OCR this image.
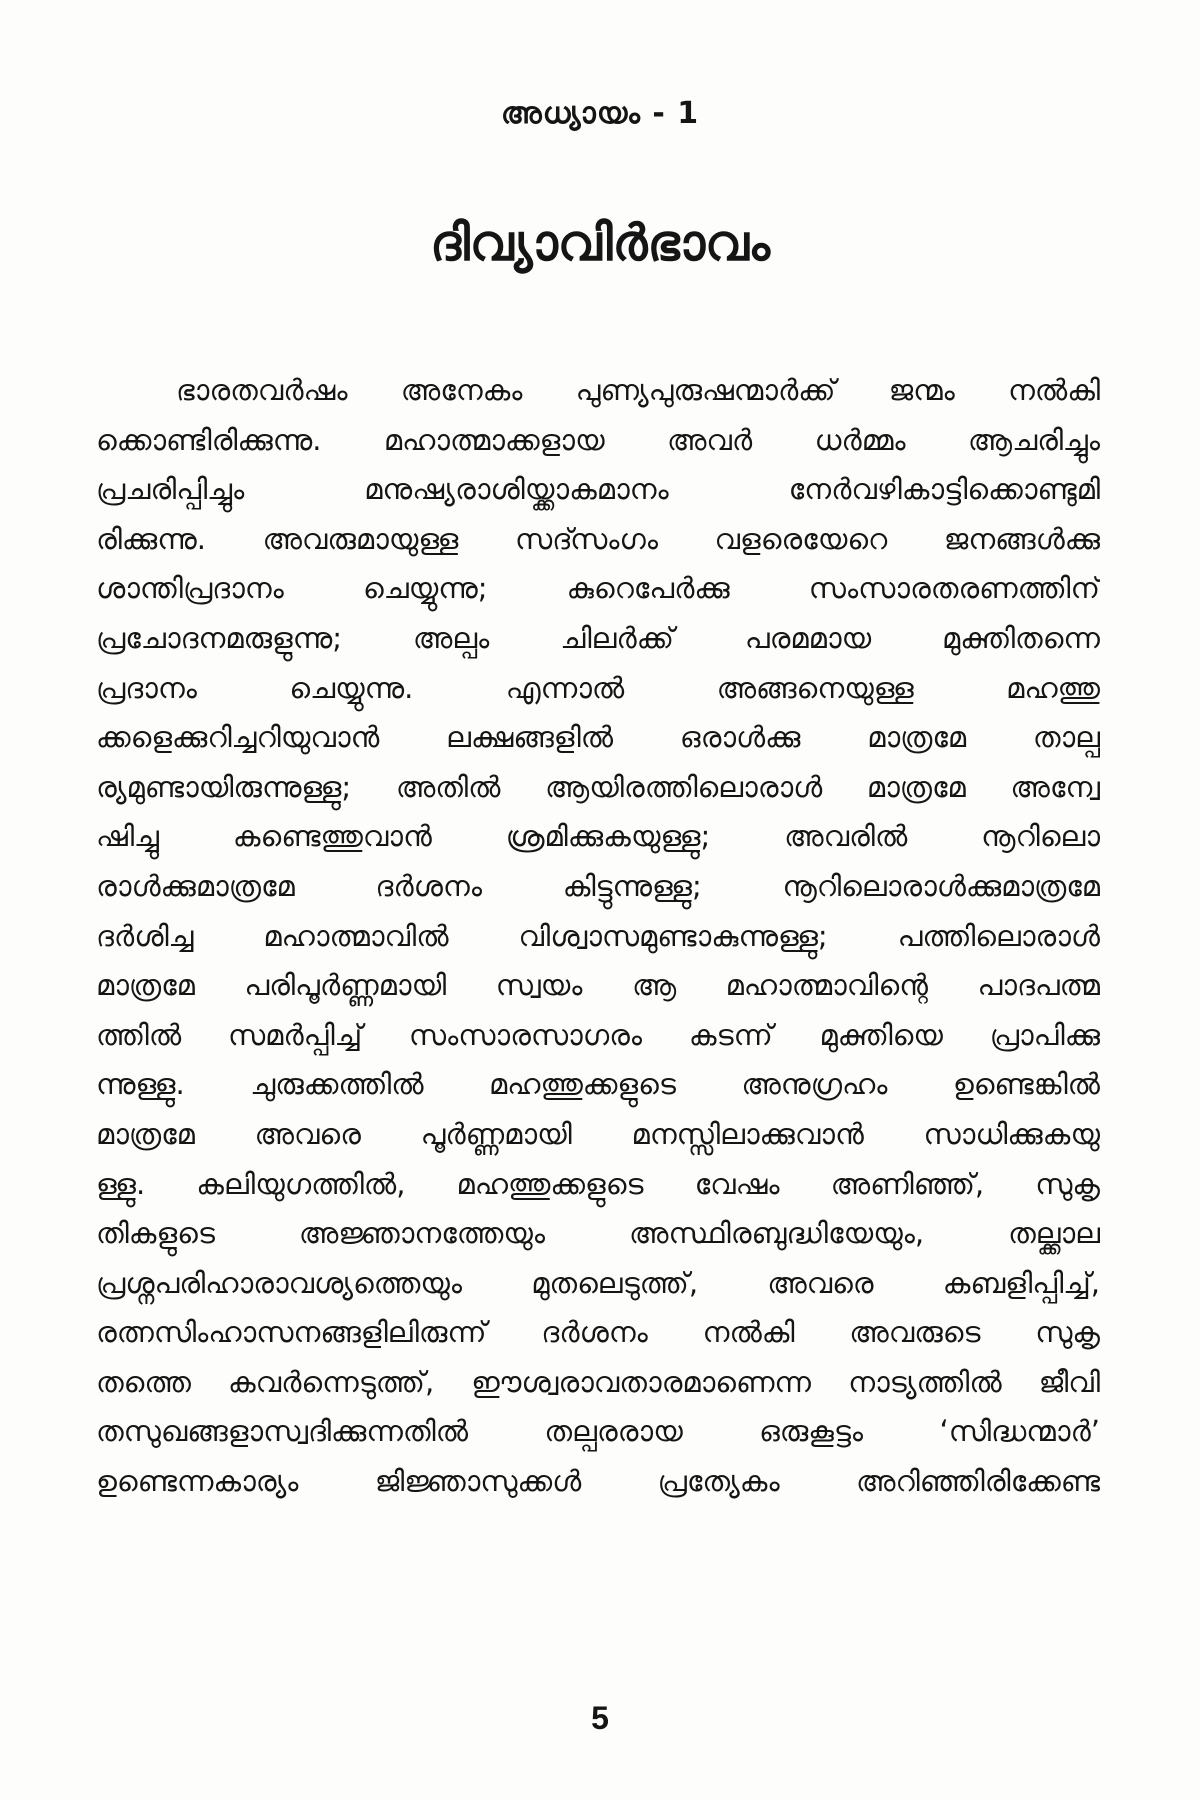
അധ്യായം - 1
ദിവ്യാവിർഭാവം
ഭാരതവർഷം അനേകം പുണ്യപുരുഷന്മാർക്ക് ജന്മം നൽകി
ക്കൊണ്ടിരിക്കുന്നു. മഹാത്മാക്കളായ അവർ ധർമ്മം ആചരിച്ചും
പ്രചരിപ്പിച്ചും മനുഷ്യരാശിയ്ക്കാകമാനം നേർവഴികാട്ടിക്കൊണ്ടുമി
രിക്കുന്നു. അവരുമായുള്ള സദ്സംഗം വളരെയേറെ ജനങ്ങൾക്കു
ശാന്തിപ്രദാനം ചെയ്യുന്നു; കുറെപേർക്കു സംസാരതരണത്തിന്
പ്രചോദനമരുളുന്നു; അല്പം ചിലർക്ക് പരമമായ മുക്തിതന്നെ
പ്രദാനം ചെയ്യുന്നു. എന്നാൽ അങ്ങനെയുള്ള മഹത്തു
ക്കളെക്കുറിച്ചറിയുവാൻ ലക്ഷങ്ങളിൽ ഒരാൾക്കു മാത്രമേ താല്പ
ര്യമുണ്ടായിരുന്നുള്ളു; അതിൽ ആയിരത്തിലൊരാൾ മാത്രമേ അന്വേ
ഷിച്ചു കണ്ടെത്തുവാൻ ശ്രമിക്കുകയുള്ളു; അവരിൽ നൂറിലൊ
രാൾക്കുമാത്രമേ ദർശനം കിട്ടുന്നുള്ളു; നൂറിലൊരാൾക്കുമാത്രമേ
ദർശിച്ച മഹാത്മാവിൽ വിശ്വാസമുണ്ടാകുന്നുള്ളു; പത്തിലൊരാൾ
മാത്രമേ പരിപൂർണ്ണമായി സ്വയം ആ മഹാത്മാവിന്റെ പാദപത്മ
ത്തിൽ സമർപ്പിച്ച് സംസാരസാഗരം കടന്ന് മുക്തിയെ പ്രാപിക്കു
ന്നുള്ളു. ചുരുക്കത്തിൽ മഹത്തുക്കളുടെ അനുഗ്രഹം ഉണ്ടെങ്കിൽ
മാത്രമേ അവരെ പൂർണ്ണമായി മനസ്സിലാക്കുവാൻ സാധിക്കുകയു
ള്ളു. കലിയുഗത്തിൽ, മഹത്തുക്കളുടെ വേഷം അണിഞ്ഞ്, സുകൃ
തികളുടെ അജ്ഞാനത്തേയും അസ്ഥിരബുദ്ധിയേയും, തല്ക്കാല
പ്രശ്നപരിഹാരാവശ്യത്തെയും മുതലെടുത്ത്, അവരെ കബളിപ്പിച്ച്,
രത്നസിംഹാസനങ്ങളിലിരുന്ന് ദർശനം നൽകി അവരുടെ സുകൃ
തത്തെ കവർന്നെടുത്ത്, ഈശ്വരാവതാരമാണെന്ന നാട്യത്തിൽ ജീവി
തസുഖങ്ങളാസ്വദിക്കുന്നതിൽ തല്പരരായ ഒരുകൂട്ടം ‘സിദ്ധന്മാർ’
ഉണ്ടെന്നകാര്യം ജിജ്ഞാസുക്കൾ പ്രത്യേകം അറിഞ്ഞിരിക്കേണ്ട
5
